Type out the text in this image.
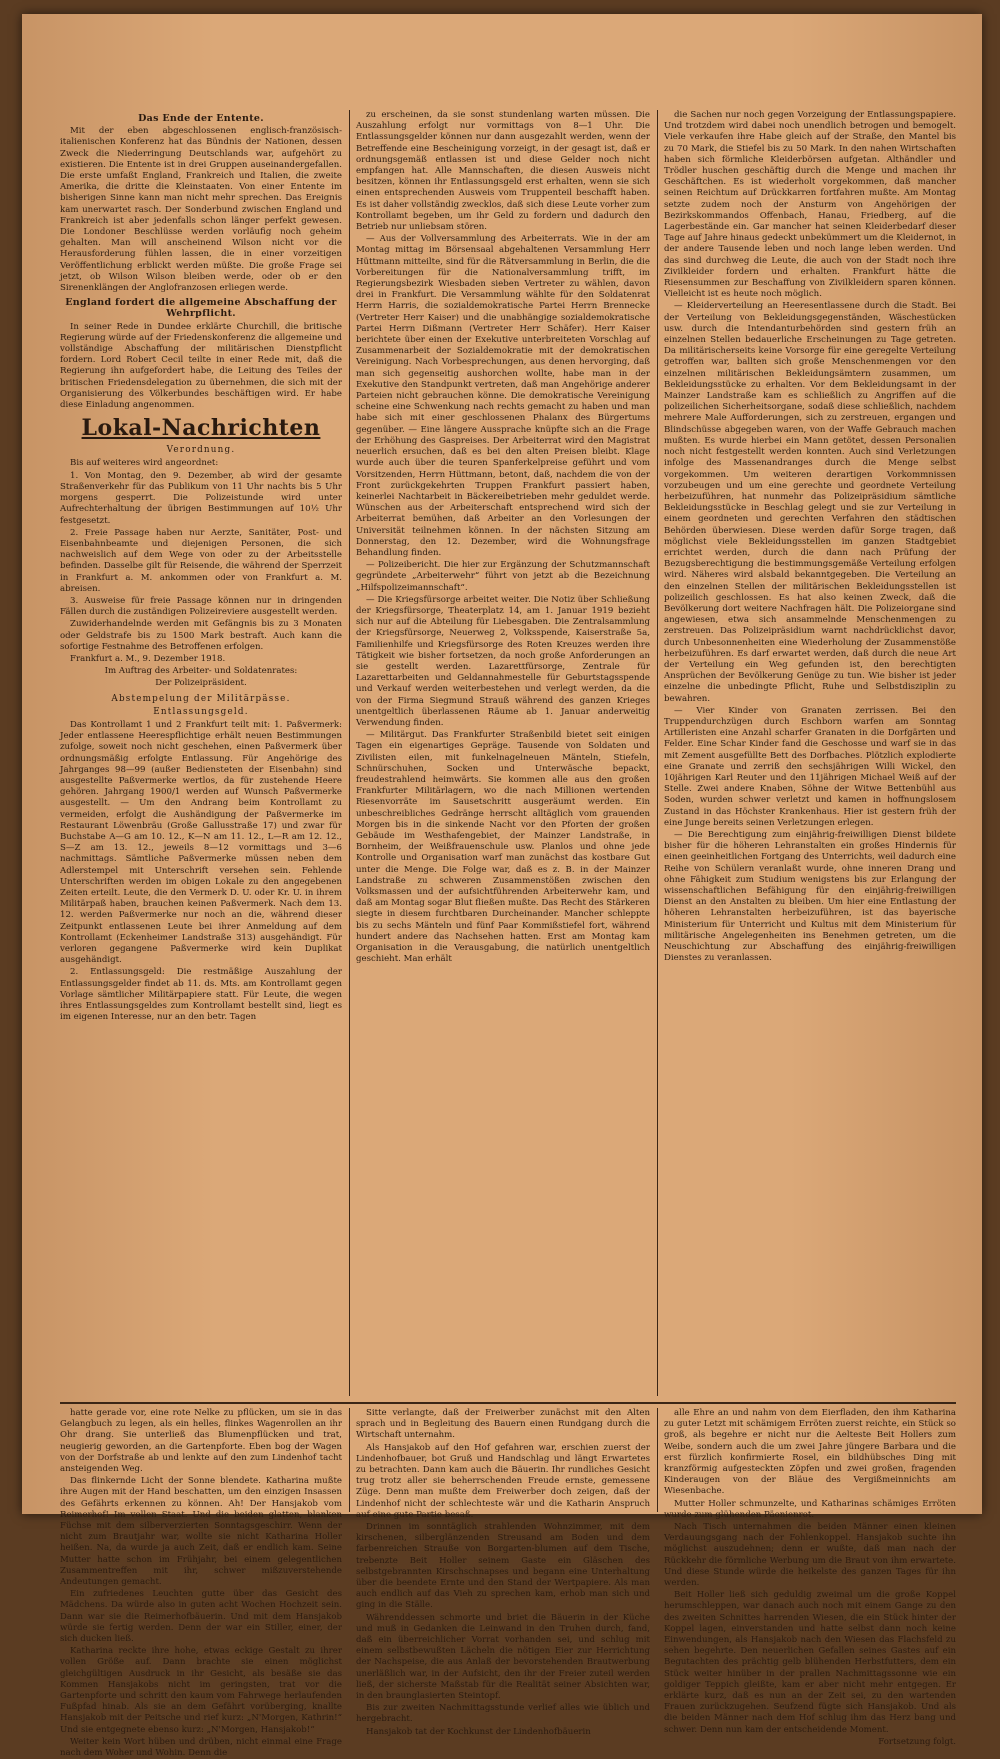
Das Ende der Entente.

Mit der eben abgeschlossenen englisch-französisch-italienischen Konferenz hat das Bündnis der Nationen, dessen Zweck die Niederringung Deutschlands war, aufgehört zu existieren. Die Entente ist in drei Gruppen auseinandergefallen. Die erste umfaßt England, Frankreich und Italien, die zweite Amerika, die dritte die Kleinstaaten. Von einer Entente im bisherigen Sinne kann man nicht mehr sprechen. Das Ereignis kam unerwartet rasch. Der Sonderbund zwischen England und Frankreich ist aber jedenfalls schon länger perfekt gewesen. Die Londoner Beschlüsse werden vorläufig noch geheim gehalten. Man will anscheinend Wilson nicht vor die Herausforderung fühlen lassen, die in einer vorzeitigen Veröffentlichung erblickt werden müßte. Die große Frage sei jetzt, ob Wilson Wilson bleiben werde, oder ob er den Sirenenklängen der Anglofranzosen erliegen werde.

England fordert die allgemeine Abschaffung der Wehrpflicht.

In seiner Rede in Dundee erklärte Churchill, die britische Regierung würde auf der Friedenskonferenz die allgemeine und vollständige Abschaffung der militärischen Dienstpflicht fordern. Lord Robert Cecil teilte in einer Rede mit, daß die Regierung ihn aufgefordert habe, die Leitung des Teiles der britischen Friedensdelegation zu übernehmen, die sich mit der Organisierung des Völkerbundes beschäftigen wird. Er habe diese Einladung angenommen.

Lokal-Nachrichten
Verordnung.

Bis auf weiteres wird angeordnet:

1. Von Montag, den 9. Dezember, ab wird der gesamte Straßenverkehr für das Publikum von 11 Uhr nachts bis 5 Uhr morgens gesperrt. Die Polizeistunde wird unter Aufrechterhaltung der übrigen Bestimmungen auf 10½ Uhr festgesetzt.

2. Freie Passage haben nur Aerzte, Sanitäter, Post- und Eisenbahnbeamte und diejenigen Personen, die sich nachweislich auf dem Wege von oder zu der Arbeitsstelle befinden. Dasselbe gilt für Reisende, die während der Sperrzeit in Frankfurt a. M. ankommen oder von Frankfurt a. M. abreisen.

3. Ausweise für freie Passage können nur in dringenden Fällen durch die zuständigen Polizeireviere ausgestellt werden.

Zuwiderhandelnde werden mit Gefängnis bis zu 3 Monaten oder Geldstrafe bis zu 1500 Mark bestraft. Auch kann die sofortige Festnahme des Betroffenen erfolgen.

Frankfurt a. M., 9. Dezember 1918.

Im Auftrag des Arbeiter- und Soldatenrates:

Der Polizeipräsident.

Abstempelung der Militärpässe.
Entlassungsgeld.

Das Kontrollamt 1 und 2 Frankfurt teilt mit: 1. Paßvermerk: Jeder entlassene Heerespflichtige erhält neuen Bestimmungen zufolge, soweit noch nicht geschehen, einen Paßvermerk über ordnungsmäßig erfolgte Entlassung. Für Angehörige des Jahrganges 98—99 (außer Bediensteten der Eisenbahn) sind ausgestellte Paßvermerke wertlos, da für zustehende Heere gehören. Jahrgang 1900/1 werden auf Wunsch Paßvermerke ausgestellt. — Um den Andrang beim Kontrollamt zu vermeiden, erfolgt die Aushändigung der Paßvermerke im Restaurant Löwenbräu (Große Gallusstraße 17) und zwar für Buchstabe A—G am 10. 12., K—N am 11. 12., L—R am 12. 12., S—Z am 13. 12., jeweils 8—12 vormittags und 3—6 nachmittags. Sämtliche Paßvermerke müssen neben dem Adlerstempel mit Unterschrift versehen sein. Fehlende Unterschriften werden im obigen Lokale zu den angegebenen Zeiten erteilt. Leute, die den Vermerk D. U. oder Kr. U. in ihrem Militärpaß haben, brauchen keinen Paßvermerk. Nach dem 13. 12. werden Paßvermerke nur noch an die, während dieser Zeitpunkt entlassenen Leute bei ihrer Anmeldung auf dem Kontrollamt (Eckenheimer Landstraße 313) ausgehändigt. Für verloren gegangene Paßvermerke wird kein Duplikat ausgehändigt.

2. Entlassungsgeld: Die restmäßige Auszahlung der Entlassungsgelder findet ab 11. ds. Mts. am Kontrollamt gegen Vorlage sämtlicher Militärpapiere statt. Für Leute, die wegen ihres Entlassungsgeldes zum Kontrollamt bestellt sind, liegt es im eigenen Interesse, nur an den betr. Tagen

zu erscheinen, da sie sonst stundenlang warten müssen. Die Auszahlung erfolgt nur vormittags von 8—1 Uhr. Die Entlassungsgelder können nur dann ausgezahlt werden, wenn der Betreffende eine Bescheinigung vorzeigt, in der gesagt ist, daß er ordnungsgemäß entlassen ist und diese Gelder noch nicht empfangen hat. Alle Mannschaften, die diesen Ausweis nicht besitzen, können ihr Entlassungsgeld erst erhalten, wenn sie sich einen entsprechenden Ausweis vom Truppenteil beschafft haben. Es ist daher vollständig zwecklos, daß sich diese Leute vorher zum Kontrollamt begeben, um ihr Geld zu fordern und dadurch den Betrieb nur unliebsam stören.

— Aus der Vollversammlung des Arbeiterrats. Wie in der am Montag mittag im Börsensaal abgehaltenen Versammlung Herr Hüttmann mitteilte, sind für die Rätversammlung in Berlin, die die Vorbereitungen für die Nationalversammlung trifft, im Regierungsbezirk Wiesbaden sieben Vertreter zu wählen, davon drei in Frankfurt. Die Versammlung wählte für den Soldatenrat Herrn Harris, die sozialdemokratische Partei Herrn Brennecke (Vertreter Herr Kaiser) und die unabhängige sozialdemokratische Partei Herrn Dißmann (Vertreter Herr Schäfer). Herr Kaiser berichtete über einen der Exekutive unterbreiteten Vorschlag auf Zusammenarbeit der Sozialdemokratie mit der demokratischen Vereinigung. Nach Vorbesprechungen, aus denen hervorging, daß man sich gegenseitig aushorchen wollte, habe man in der Exekutive den Standpunkt vertreten, daß man Angehörige anderer Parteien nicht gebrauchen könne. Die demokratische Vereinigung scheine eine Schwenkung nach rechts gemacht zu haben und man habe sich mit einer geschlossenen Phalanx des Bürgertums gegenüber. — Eine längere Aussprache knüpfte sich an die Frage der Erhöhung des Gaspreises. Der Arbeiterrat wird den Magistrat neuerlich ersuchen, daß es bei den alten Preisen bleibt. Klage wurde auch über die teuren Spanferkelpreise geführt und vom Vorsitzenden, Herrn Hüttmann, betont, daß, nachdem die von der Front zurückgekehrten Truppen Frankfurt passiert haben, keinerlei Nachtarbeit in Bäckereibetrieben mehr geduldet werde. Wünschen aus der Arbeiterschaft entsprechend wird sich der Arbeiterrat bemühen, daß Arbeiter an den Vorlesungen der Universität teilnehmen können. In der nächsten Sitzung am Donnerstag, den 12. Dezember, wird die Wohnungsfrage Behandlung finden.

— Polizeibericht. Die hier zur Ergänzung der Schutzmannschaft gegründete „Arbeiterwehr“ führt von jetzt ab die Bezeichnung „Hilfspolizeimannschaft“.

— Die Kriegsfürsorge arbeitet weiter. Die Notiz über Schließung der Kriegsfürsorge, Theaterplatz 14, am 1. Januar 1919 bezieht sich nur auf die Abteilung für Liebesgaben. Die Zentralsammlung der Kriegsfürsorge, Neuerweg 2, Volksspende, Kaiserstraße 5a, Familienhilfe und Kriegsfürsorge des Roten Kreuzes werden ihre Tätigkeit wie bisher fortsetzen, da noch große Anforderungen an sie gestellt werden. Lazarettfürsorge, Zentrale für Lazarettarbeiten und Geldannahmestelle für Geburtstagsspende und Verkauf werden weiterbestehen und verlegt werden, da die von der Firma Siegmund Strauß während des ganzen Krieges unentgeltlich überlassenen Räume ab 1. Januar anderweitig Verwendung finden.

— Militärgut. Das Frankfurter Straßenbild bietet seit einigen Tagen ein eigenartiges Gepräge. Tausende von Soldaten und Zivilisten eilen, mit funkelnagelneuen Mänteln, Stiefeln, Schnürschuhen, Socken und Unterwäsche bepackt, freudestrahlend heimwärts. Sie kommen alle aus den großen Frankfurter Militärlagern, wo die nach Millionen wertenden Riesenvorräte im Sausetschritt ausgeräumt werden. Ein unbeschreibliches Gedränge herrscht alltäglich vom grauenden Morgen bis in die sinkende Nacht vor den Pforten der großen Gebäude im Westhafengebiet, der Mainzer Landstraße, in Bornheim, der Weißfrauenschule usw. Planlos und ohne jede Kontrolle und Organisation warf man zunächst das kostbare Gut unter die Menge. Die Folge war, daß es z. B. in der Mainzer Landstraße zu schweren Zusammenstößen zwischen den Volksmassen und der aufsichtführenden Arbeiterwehr kam, und daß am Montag sogar Blut fließen mußte. Das Recht des Stärkeren siegte in diesem furchtbaren Durcheinander. Mancher schleppte bis zu sechs Mänteln und fünf Paar Kommißstiefel fort, während hundert andere das Nachsehen hatten. Erst am Montag kam Organisation in die Verausgabung, die natürlich unentgeltlich geschieht. Man erhält

die Sachen nur noch gegen Vorzeigung der Entlassungspapiere. Und trotzdem wird dabei noch unendlich betrogen und bemogelt. Viele verkaufen ihre Habe gleich auf der Straße, den Mantel bis zu 70 Mark, die Stiefel bis zu 50 Mark. In den nahen Wirtschaften haben sich förmliche Kleiderbörsen aufgetan. Althändler und Trödler huschen geschäftig durch die Menge und machen ihr Geschäftchen. Es ist wiederholt vorgekommen, daß mancher seinen Reichtum auf Drückkarren fortfahren mußte. Am Montag setzte zudem noch der Ansturm von Angehörigen der Bezirkskommandos Offenbach, Hanau, Friedberg, auf die Lagerbestände ein. Gar mancher hat seinen Kleiderbedarf dieser Tage auf Jahre hinaus gedeckt unbekümmert um die Kleidernot, in der andere Tausende leben und noch lange leben werden. Und das sind durchweg die Leute, die auch von der Stadt noch ihre Zivilkleider fordern und erhalten. Frankfurt hätte die Riesensummen zur Beschaffung von Zivilkleidern sparen können. Vielleicht ist es heute noch möglich.

— Kleiderverteilung an Heeresentlassene durch die Stadt. Bei der Verteilung von Bekleidungsgegenständen, Wäschestücken usw. durch die Intendanturbehörden sind gestern früh an einzelnen Stellen bedauerliche Erscheinungen zu Tage getreten. Da militärischerseits keine Vorsorge für eine geregelte Verteilung getroffen war, ballten sich große Menschenmengen vor den einzelnen militärischen Bekleidungsämtern zusammen, um Bekleidungsstücke zu erhalten. Vor dem Bekleidungsamt in der Mainzer Landstraße kam es schließlich zu Angriffen auf die polizeilichen Sicherheitsorgane, sodaß diese schließlich, nachdem mehrere Male Aufforderungen, sich zu zerstreuen, ergangen und Blindschüsse abgegeben waren, von der Waffe Gebrauch machen mußten. Es wurde hierbei ein Mann getötet, dessen Personalien noch nicht festgestellt werden konnten. Auch sind Verletzungen infolge des Massenandranges durch die Menge selbst vorgekommen. Um weiteren derartigen Vorkommnissen vorzubeugen und um eine gerechte und geordnete Verteilung herbeizuführen, hat nunmehr das Polizeipräsidium sämtliche Bekleidungsstücke in Beschlag gelegt und sie zur Verteilung in einem geordneten und gerechten Verfahren den städtischen Behörden überwiesen. Diese werden dafür Sorge tragen, daß möglichst viele Bekleidungsstellen im ganzen Stadtgebiet errichtet werden, durch die dann nach Prüfung der Bezugsberechtigung die bestimmungsgemäße Verteilung erfolgen wird. Näheres wird alsbald bekanntgegeben. Die Verteilung an den einzelnen Stellen der militärischen Bekleidungsstellen ist polizeilich geschlossen. Es hat also keinen Zweck, daß die Bevölkerung dort weitere Nachfragen hält. Die Polizeiorgane sind angewiesen, etwa sich ansammelnde Menschenmengen zu zerstreuen. Das Polizeipräsidium warnt nachdrücklichst davor, durch Unbesonnenheiten eine Wiederholung der Zusammenstöße herbeizuführen. Es darf erwartet werden, daß durch die neue Art der Verteilung ein Weg gefunden ist, den berechtigten Ansprüchen der Bevölkerung Genüge zu tun. Wie bisher ist jeder einzelne die unbedingte Pflicht, Ruhe und Selbstdisziplin zu bewahren.

— Vier Kinder von Granaten zerrissen. Bei den Truppendurchzügen durch Eschborn warfen am Sonntag Artilleristen eine Anzahl scharfer Granaten in die Dorfgärten und Felder. Eine Schar Kinder fand die Geschosse und warf sie in das mit Zement ausgefüllte Bett des Dorfbaches. Plötzlich explodierte eine Granate und zerriß den sechsjährigen Willi Wickel, den 10jährigen Karl Reuter und den 11jährigen Michael Weiß auf der Stelle. Zwei andere Knaben, Söhne der Witwe Bettenbühl aus Soden, wurden schwer verletzt und kamen in hoffnungslosem Zustand in das Höchster Krankenhaus. Hier ist gestern früh der eine Junge bereits seinen Verletzungen erlegen.

— Die Berechtigung zum einjährig-freiwilligen Dienst bildete bisher für die höheren Lehranstalten ein großes Hindernis für einen geeinheitlichen Fortgang des Unterrichts, weil dadurch eine Reihe von Schülern veranlaßt wurde, ohne inneren Drang und ohne Fähigkeit zum Studium wenigstens bis zur Erlangung der wissenschaftlichen Befähigung für den einjährig-freiwilligen Dienst an den Anstalten zu bleiben. Um hier eine Entlastung der höheren Lehranstalten herbeizuführen, ist das bayerische Ministerium für Unterricht und Kultus mit dem Ministerium für militärische Angelegenheiten ins Benehmen getreten, um die Neuschichtung zur Abschaffung des einjährig-freiwilligen Dienstes zu veranlassen.

hatte gerade vor, eine rote Nelke zu pflücken, um sie in das Gelangbuch zu legen, als ein helles, flinkes Wagenrollen an ihr Ohr drang. Sie unterließ das Blumenpflücken und trat, neugierig geworden, an die Gartenpforte. Eben bog der Wagen von der Dorfstraße ab und lenkte auf den zum Lindenhof tacht ansteigenden Weg.

Das flinkernde Licht der Sonne blendete. Katharina mußte ihre Augen mit der Hand beschatten, um den einzigen Insassen des Gefährts erkennen zu können. Ah! Der Hansjakob vom Reimerhof! Im vollen Staat. Und die beiden glatten, blanken Füchse mit dem silberverzierten Sonntagsgeschirr. Wenn der nicht zum Brautjahr war, wollte sie nicht Katharina Holler heißen. Na, da wurde ja auch Zeit, daß er endlich kam. Seine Mutter hatte schon im Frühjahr, bei einem gelegentlichen Zusammentreffen mit ihr, schwer mißzuverstehende Andeutungen gemacht.

Ein zufriedenes Leuchten gutte über das Gesicht des Mädchens. Da würde also in guten acht Wochen Hochzeit sein. Dann war sie die Reimerhofbäuerin. Und mit dem Hansjakob würde sie fertig werden. Denn der war ein Stiller, einer, der sich ducken ließ.

Katharina reckte ihre hohe, etwas eckige Gestalt zu ihrer vollen Größe auf. Dann brachte sie einen möglichst gleichgültigen Ausdruck in ihr Gesicht, als besäße sie das Kommen Hansjakobs nicht im geringsten, trat vor die Gartenpforte und schritt den kaum vom Fahrwege herlaufenden Fußpfad hinab. Als sie an dem Gefährt vorüberging, knallte Hansjakob mit der Peitsche und rief kurz: „N'Morgen, Kathrin!“ Und sie entgegnete ebenso kurz: „N'Morgen, Hansjakob!“

Weiter kein Wort hüben und drüben, nicht einmal eine Frage nach dem Woher und Wohin. Denn die

Sitte verlangte, daß der Freiwerber zunächst mit den Alten sprach und in Begleitung des Bauern einen Rundgang durch die Wirtschaft unternahm.

Als Hansjakob auf den Hof gefahren war, erschien zuerst der Lindenhofbauer, bot Gruß und Handschlag und längt Erwartetes zu betrachten. Dann kam auch die Bäuerin. Ihr rundliches Gesicht trug trotz aller sie beherrschenden Freude ernste, gemessene Züge. Denn man mußte dem Freiwerber doch zeigen, daß der Lindenhof nicht der schlechteste wär und die Katharin Anspruch auf eine gute Partie besaß.

Drinnen im sonntäglich strahlenden Wohnzimmer, mit dem kirschenen, silberglänzenden Streusand am Boden und dem farbenreichen Strauße von Borgarten-blumen auf dem Tische, trebenzte Beit Holler seinem Gaste ein Gläschen des selbstgebrannten Kirschschnapses und begann eine Unterhaltung über die beendete Ernte und den Stand der Wertpapiere. Als man auch endlich auf das Vieh zu sprechen kam, erhob man sich und ging in die Ställe.

Währenddessen schmorte und briet die Bäuerin in der Küche und muß in Gedanken die Leinwand in den Truhen durch, fand, daß ein überreichlicher Vorrat vorhanden sei, und schlug mit einem selbstbewußten Lächeln die nötigen Eier zur Herrichtung der Nachspeise, die aus Anlaß der bevorstehenden Brautwerbung unerläßlich war, in der Aufsicht, den ihr der Freier zuteil werden ließ, der sicherste Maßstab für die Realität seiner Absichten war, in den braunglasierten Steintopf.

Bis zur zweiten Nachmittagsstunde verlief alles wie üblich und hergebracht.

Hansjakob tat der Kochkunst der Lindenhofbäuerin

alle Ehre an und nahm von dem Eierfladen, den ihm Katharina zu guter Letzt mit schämigem Erröten zuerst reichte, ein Stück so groß, als begehre er nicht nur die Aelteste Beit Hollers zum Weibe, sondern auch die um zwei Jahre jüngere Barbara und die erst fürzlich konfirmierte Rosel, ein bildhübsches Ding mit kranzförmig aufgesteckten Zöpfen und zwei großen, fragenden Kinderaugen von der Bläue des Vergißmeinnichts am Wiesenbache.

Mutter Holler schmunzelte, und Katharinas schämiges Erröten wurde zum glühenden Päonienrot.

Nach Tisch unternahmen die beiden Männer einen kleinen Verdauungsgang nach der Fohlenkoppel. Hansjakob suchte ihn möglichst auszudehnen; denn er wußte, daß man nach der Rückkehr die förmliche Werbung um die Braut von ihm erwartete. Und diese Stunde würde die heikelste des ganzen Tages für ihn werden.

Beit Holler ließ sich geduldig zweimal um die große Koppel herumschleppen, war danach auch noch mit einem Gange zu den des zweiten Schnittes harrenden Wiesen, die ein Stück hinter der Koppel lagen, einverstanden und hatte selbst dann noch keine Einwendungen, als Hansjakob nach den Wiesen das Flachsfeld zu sehen begehrte. Den neuerlichen Gefallen seines Gastes auf ein Begutachten des prächtig gelb blühenden Herbstfutters, dem ein Stück weiter hinüber in der prallen Nachmittagssonne wie ein goldiger Teppich gleißte, kam er aber nicht mehr entgegen. Er erklärte kurz, daß es nun an der Zeit sei, zu den wartenden Frauen zurückzugehen. Seufzend fügte sich Hansjakob. Und als die beiden Männer nach dem Hof schlug ihm das Herz bang und schwer. Denn nun kam der entscheidende Moment.

Fortsetzung folgt.
